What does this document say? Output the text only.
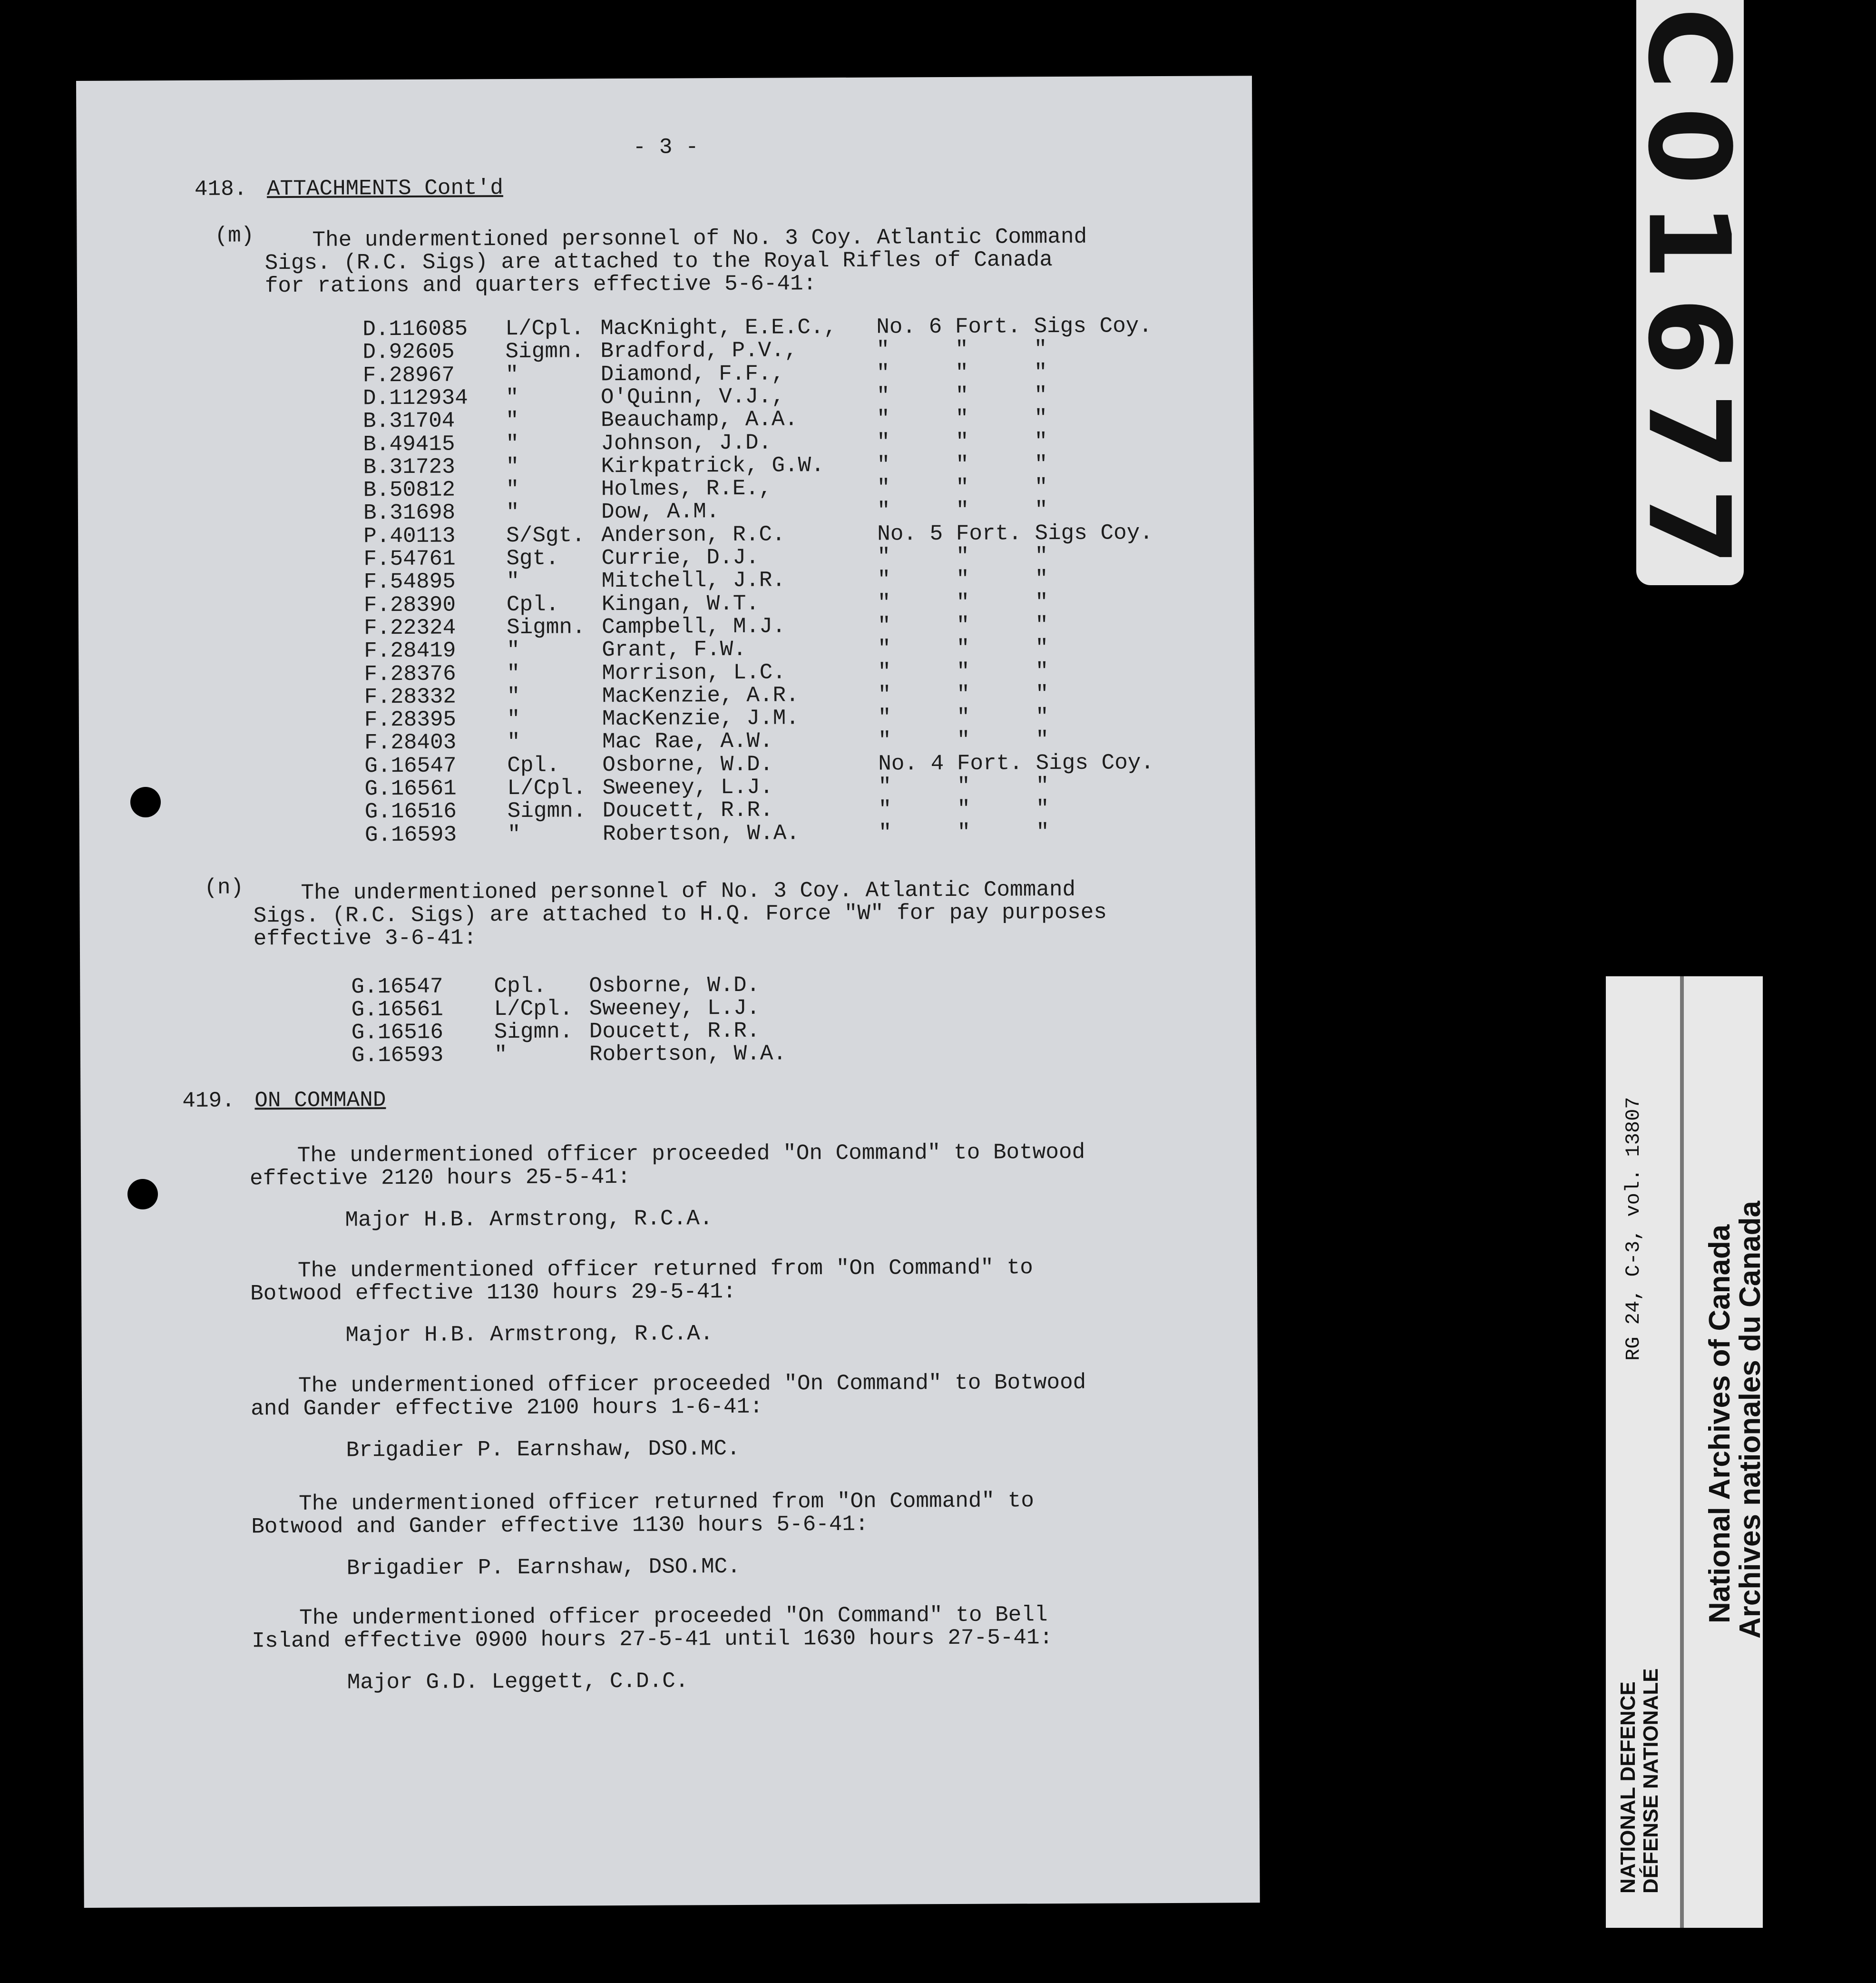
- 3 -
418. ATTACHMENTS Cont'd
(m)	The undermentioned personnel of No. 3 Coy. Atlantic Command
Sigs. (R.C. Sigs) are attached to the Royal Rifles of Canada
for rations and quarters effective 5-6-41:
D.116085 L/Cpl. MacKnight, E.E.C., No. 6 Fort. Sigs Coy.
D.92605 Sigmn. Bradford, P.V.,	"     "     "
F.28967 "	Diamond, F.F.,	"     "     "
D.112934 "	O'Quinn, V.J.,	"     "     "
B.31704 "	Beauchamp, A.A.	"     "     "
B.49415 "	Johnson, J.D.	"     "     "
B.31723 "	Kirkpatrick, G.W. "     "     "
B.50812 "	Holmes, R.E.,	"     "     "
B.31698 "	Dow, A.M.	"     "     "
P.40113 S/Sgt. Anderson, R.C.	No. 5 Fort. Sigs Coy.
F.54761 Sgt. Currie, D.J.	"     "     "
F.54895 "	Mitchell, J.R.	"     "     "
F.28390 Cpl. Kingan, W.T.	"     "     "
F.22324 Sigmn. Campbell, M.J.	"     "     "
F.28419 "	Grant, F.W.	"     "     "
F.28376 "	Morrison, L.C.	"     "     "
F.28332 "	MacKenzie, A.R.	"     "     "
F.28395 "	MacKenzie, J.M.	"     "     "
F.28403 "	Mac Rae, A.W.	"     "     "
G.16547 Cpl. Osborne, W.D.	No. 4 Fort. Sigs Coy.
G.16561 L/Cpl. Sweeney, L.J.	"     "     "
G.16516 Sigmn. Doucett, R.R.	"     "     "
G.16593 "	Robertson, W.A.	"     "     "
(n)	The undermentioned personnel of No. 3 Coy. Atlantic Command
Sigs. (R.C. Sigs) are attached to H.Q. Force "W" for pay purposes
effective 3-6-41:
G.16547 Cpl. Osborne, W.D.
G.16561 L/Cpl. Sweeney, L.J.
G.16516 Sigmn. Doucett, R.R.
G.16593 "	Robertson, W.A.
419. ON COMMAND
The undermentioned officer proceeded "On Command" to Botwood
effective 2120 hours 25-5-41:
Major H.B. Armstrong, R.C.A.
The undermentioned officer returned from "On Command" to
Botwood effective 1130 hours 29-5-41:
Major H.B. Armstrong, R.C.A.
The undermentioned officer proceeded "On Command" to Botwood
and Gander effective 2100 hours 1-6-41:
Brigadier P. Earnshaw, DSO.MC.
The undermentioned officer returned from "On Command" to
Botwood and Gander effective 1130 hours 5-6-41:
Brigadier P. Earnshaw, DSO.MC.
The undermentioned officer proceeded "On Command" to Bell
Island effective 0900 hours 27-5-41 until 1630 hours 27-5-41:
Major G.D. Leggett, C.D.C.
C01677
RG 24, C-3, vol. 13807 National Archives of Canada
Archives nationales du Canada
NATIONAL DEFENCE DÉFENSE NATIONALE
